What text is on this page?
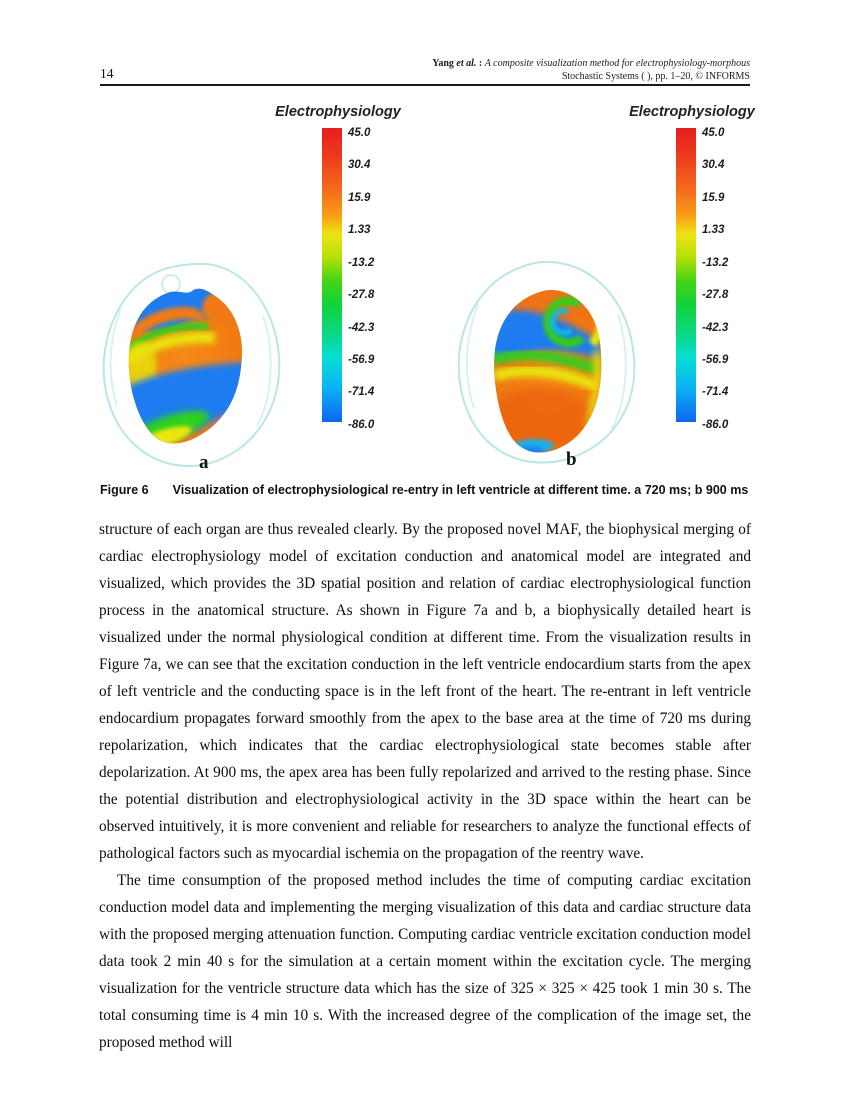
14
Yang et al. : A composite visualization method for electrophysiology-morphous
Stochastic Systems ( ), pp. 1–20, © INFORMS
a
Electrophysiology
45.0
30.4
15.9
1.33
-13.2
-27.8
-42.3
-56.9
-71.4
-86.0
b
Electrophysiology
45.0
30.4
15.9
1.33
-13.2
-27.8
-42.3
-56.9
-71.4
-86.0
Figure 6 Visualization of electrophysiological re-entry in left ventricle at different time. a 720 ms; b 900 ms

structure of each organ are thus revealed clearly. By the proposed novel MAF, the biophysical merging of cardiac electrophysiology model of excitation conduction and anatomical model are integrated and visualized, which provides the 3D spatial position and relation of cardiac electrophysiological function process in the anatomical structure. As shown in Figure 7a and b, a biophysically detailed heart is visualized under the normal physiological condition at different time. From the visualization results in Figure 7a, we can see that the excitation conduction in the left ventricle endocardium starts from the apex of left ventricle and the conducting space is in the left front of the heart. The re-entrant in left ventricle endocardium propagates forward smoothly from the apex to the base area at the time of 720 ms during repolarization, which indicates that the cardiac electrophysiological state becomes stable after depolarization. At 900 ms, the apex area has been fully repolarized and arrived to the resting phase. Since the potential distribution and electrophysiological activity in the 3D space within the heart can be observed intuitively, it is more convenient and reliable for researchers to analyze the functional effects of pathological factors such as myocardial ischemia on the propagation of the reentry wave.

The time consumption of the proposed method includes the time of computing cardiac excitation conduction model data and implementing the merging visualization of this data and cardiac structure data with the proposed merging attenuation function. Computing cardiac ventricle excitation conduction model data took 2 min 40 s for the simulation at a certain moment within the excitation cycle. The merging visualization for the ventricle structure data which has the size of 325 × 325 × 425 took 1 min 30 s. The total consuming time is 4 min 10 s. With the increased degree of the complication of the image set, the proposed method will
